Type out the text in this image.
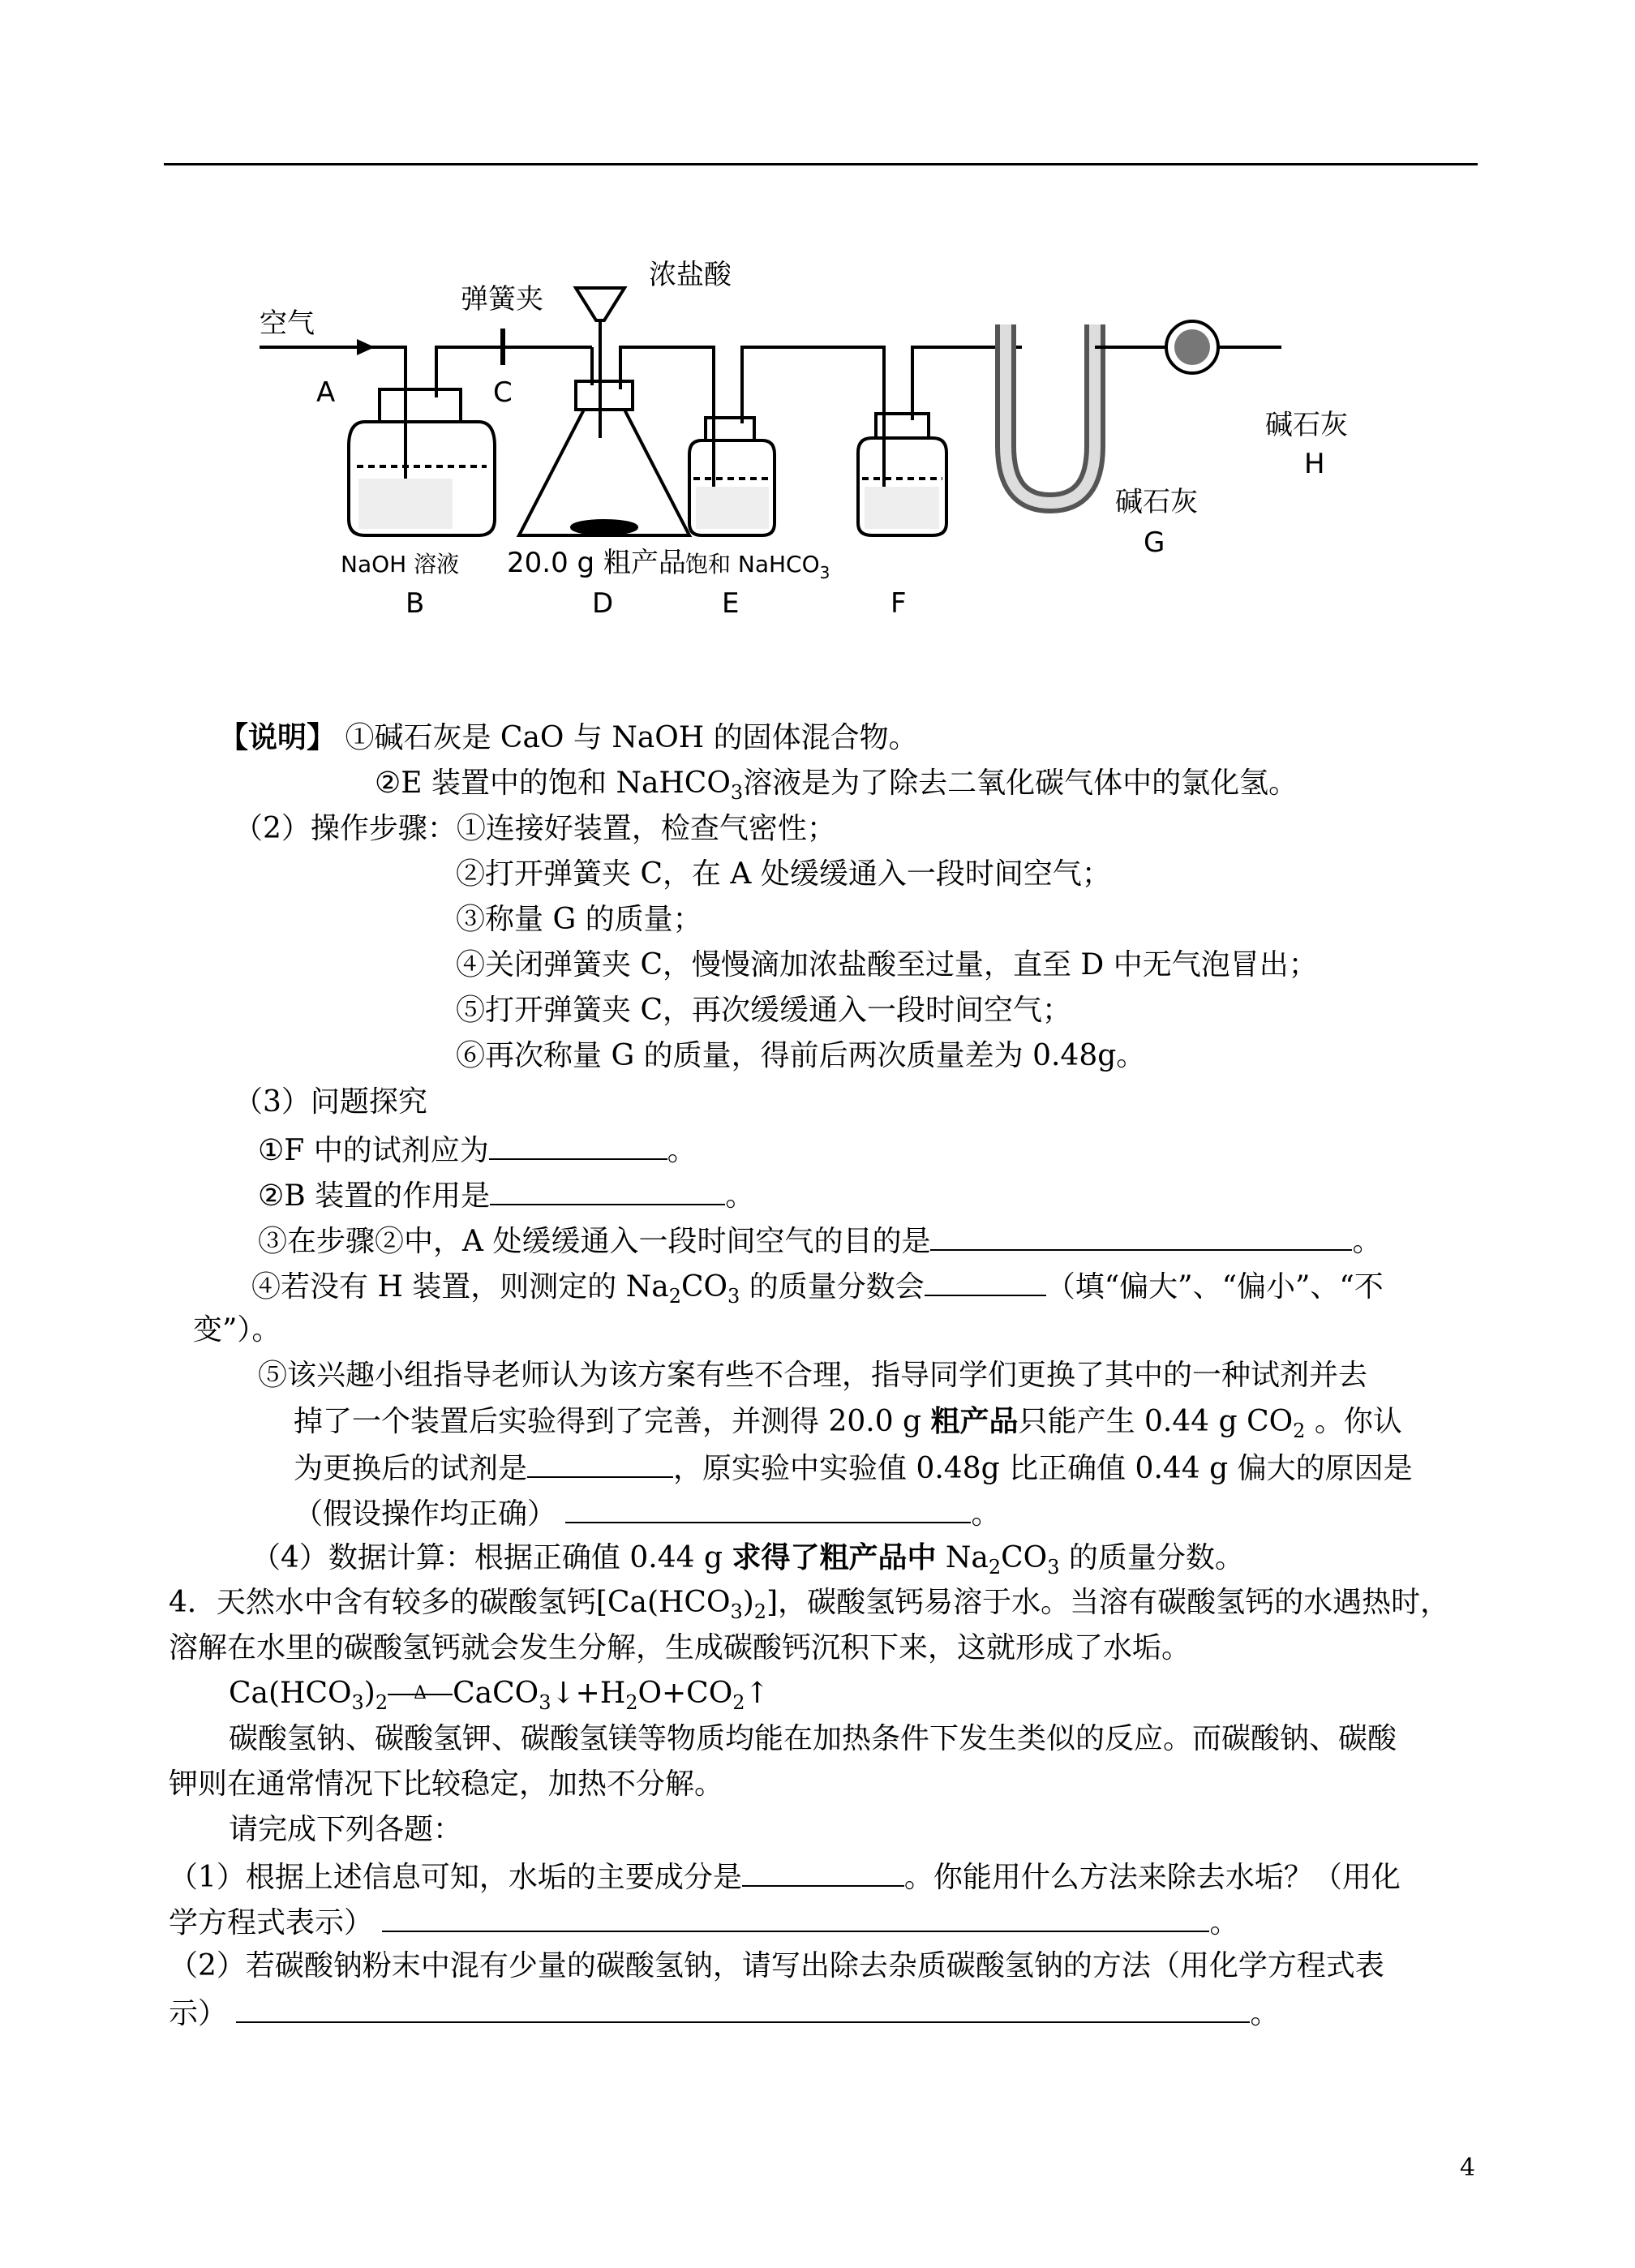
空气
弹簧夹
浓盐酸
A	C
NaOH 溶液
B
20.0 g 粗产品
D
饱和 NaHCO$_3$
E	F
碱石灰
G
碱石灰
H
【说明】 ①碱石灰是 CaO 与 NaOH 的固体混合物。
②E 装置中的饱和 NaHCO$_3$溶液是为了除去二氧化碳气体中的氯化氢。
（2）操作步骤：①连接好装置，检查气密性；
②打开弹簧夹 C，在 A 处缓缓通入一段时间空气；
③称量 G 的质量；
④关闭弹簧夹 C，慢慢滴加浓盐酸至过量，直至 D 中无气泡冒出；
⑤打开弹簧夹 C，再次缓缓通入一段时间空气；
⑥再次称量 G 的质量，得前后两次质量差为 0.48g。
（3）问题探究
①F 中的试剂应为	。
②B 装置的作用是	。
③在步骤②中，A 处缓缓通入一段时间空气的目的是	。
④若没有 H 装置，则测定的 $Na_2CO_3$ 的质量分数会	（填“偏大”、“偏小”、“不
变”）。
⑤该兴趣小组指导老师认为该方案有些不合理，指导同学们更换了其中的一种试剂并去
掉了一个装置后实验得到了完善，并测得 20.0 g 粗产品只能产生 0.44 g $CO_2$ 。你认
为更换后的试剂是	，原实验中实验值 0.48g 比正确值 0.44 g 偏大的原因是
（假设操作均正确）	。
（4）数据计算：根据正确值 0.44 g 求得了粗产品中 $Na_2CO_3$ 的质量分数。
4．天然水中含有较多的碳酸氢钙$[Ca(HCO_3)_2]$，碳酸氢钙易溶于水。当溶有碳酸氢钙的水遇热时，
溶解在水里的碳酸氢钙就会发生分解，生成碳酸钙沉积下来，这就形成了水垢。
$Ca(HCO_3)_2$ Δ $CaCO_3↓+H_2O+CO_2↑$
碳酸氢钠、碳酸氢钾、碳酸氢镁等物质均能在加热条件下发生类似的反应。而碳酸钠、碳酸
钾则在通常情况下比较稳定，加热不分解。
请完成下列各题：
（1）根据上述信息可知，水垢的主要成分是	。你能用什么方法来除去水垢？（用化
学方程式表示）	。
（2）若碳酸钠粉末中混有少量的碳酸氢钠，请写出除去杂质碳酸氢钠的方法（用化学方程式表
示）	。
4
